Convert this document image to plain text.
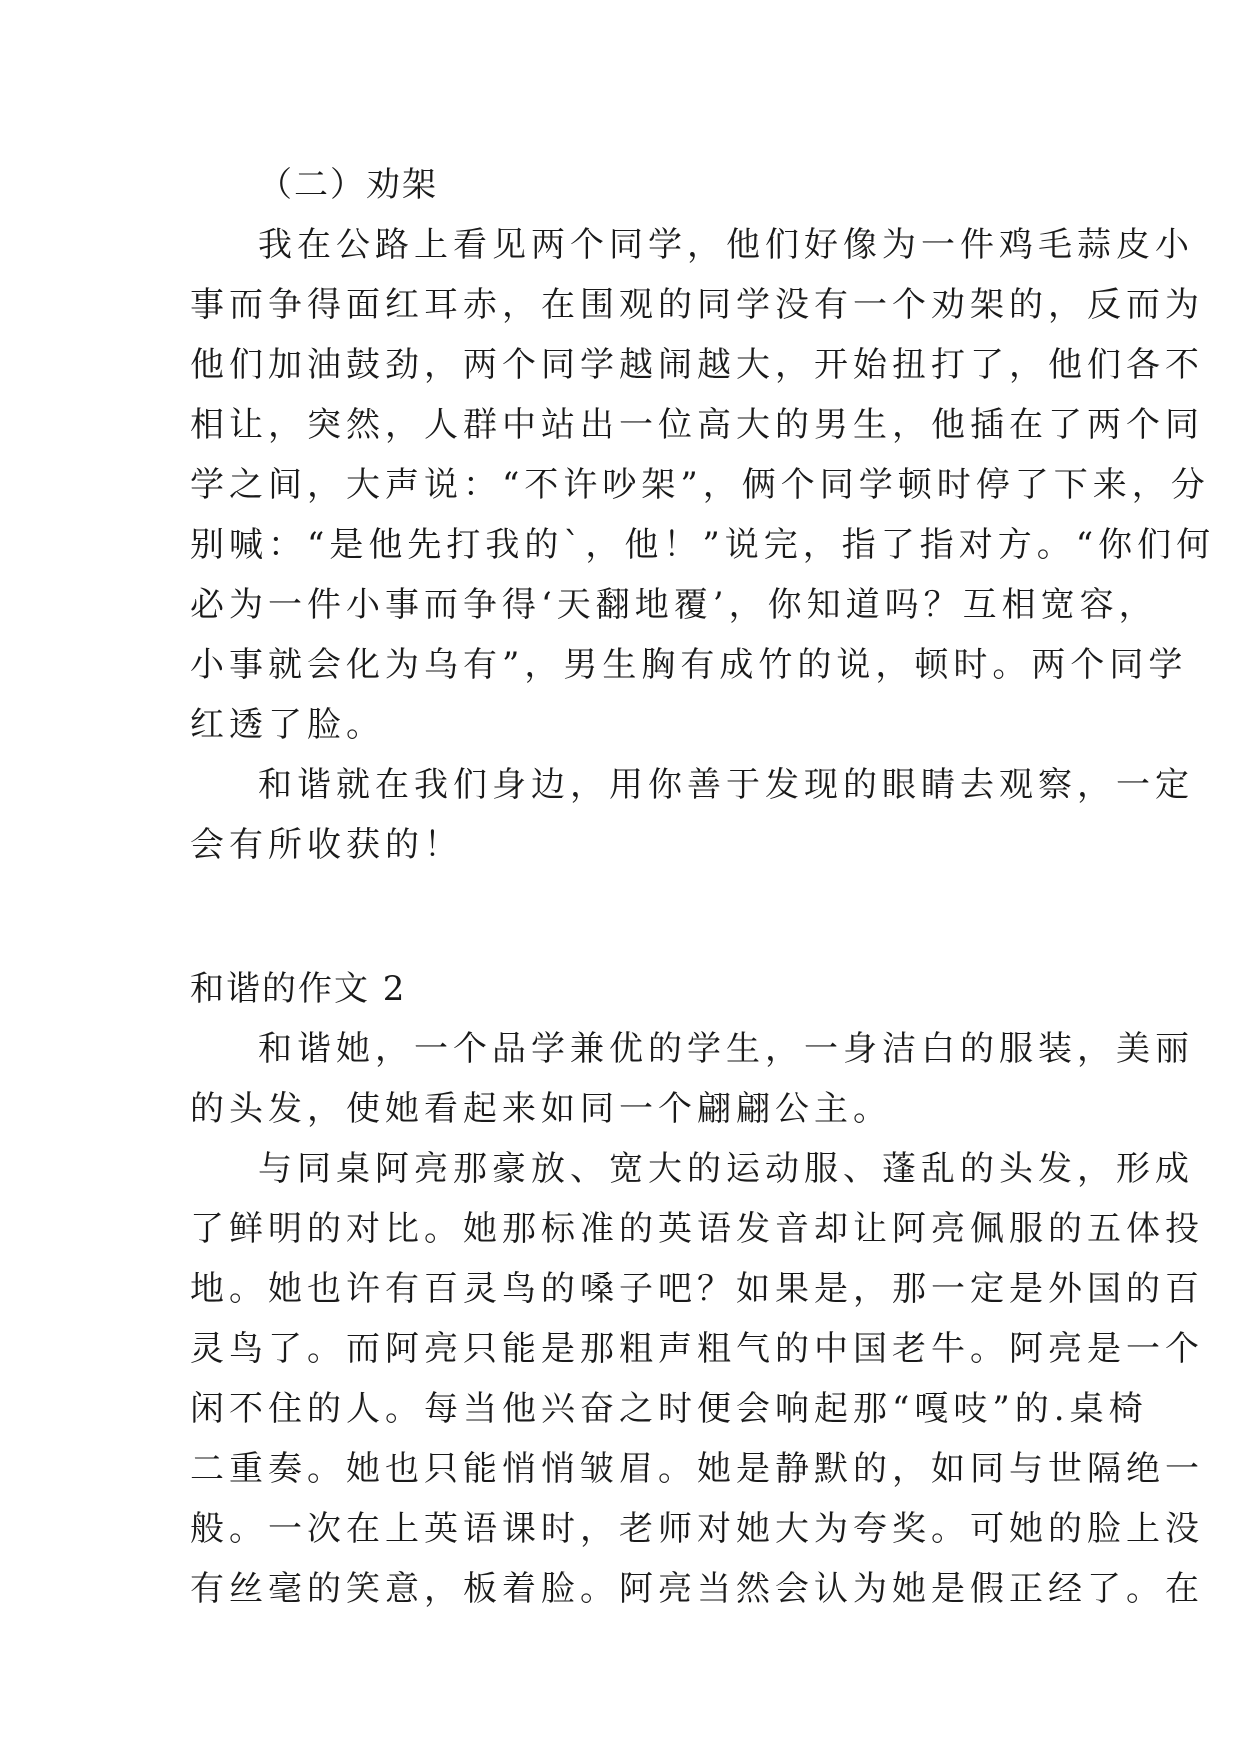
（二）劝架
我在公路上看见两个同学，他们好像为一件鸡毛蒜皮小
事而争得面红耳赤，在围观的同学没有一个劝架的，反而为
他们加油鼓劲，两个同学越闹越大，开始扭打了，他们各不
相让，突然，人群中站出一位高大的男生，他插在了两个同
学之间，大声说：“不许吵架”，俩个同学顿时停了下来，分
别喊：“是他先打我的`，他！”说完，指了指对方。“你们何
必为一件小事而争得‘天翻地覆’，你知道吗？互相宽容，
小事就会化为乌有”，男生胸有成竹的说，顿时。两个同学
红透了脸。
和谐就在我们身边，用你善于发现的眼睛去观察，一定
会有所收获的！
和谐的作文 2
和谐她，一个品学兼优的学生，一身洁白的服装，美丽
的头发，使她看起来如同一个翩翩公主。
与同桌阿亮那豪放、宽大的运动服、蓬乱的头发，形成
了鲜明的对比。她那标准的英语发音却让阿亮佩服的五体投
地。她也许有百灵鸟的嗓子吧？如果是，那一定是外国的百
灵鸟了。而阿亮只能是那粗声粗气的中国老牛。阿亮是一个
闲不住的人。每当他兴奋之时便会响起那“嘎吱”的.桌椅
二重奏。她也只能悄悄皱眉。她是静默的，如同与世隔绝一
般。一次在上英语课时，老师对她大为夸奖。可她的脸上没
有丝毫的笑意，板着脸。阿亮当然会认为她是假正经了。在
